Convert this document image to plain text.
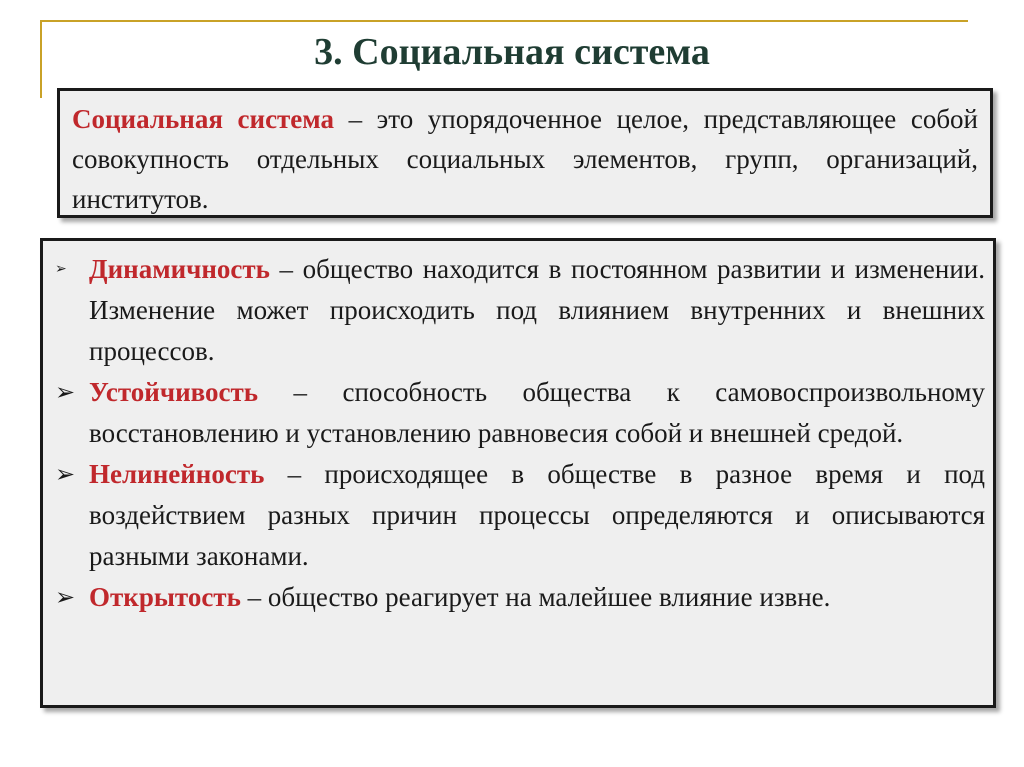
3. Социальная система
Социальная система – это упорядоченное целое, представляющее собой совокупность отдельных социальных элементов, групп, организаций, институтов.
➢ Динамичность – общество находится в постоянном развитии и изменении. Изменение может происходить под влиянием внутренних и внешних процессов.
➢ Устойчивость – способность общества к самовоспроизвольному восстановлению и установлению равновесия собой и внешней средой.
➢ Нелинейность – происходящее в обществе в разное время и под воздействием разных причин процессы определяются и описываются разными законами.
➢ Открытость – общество реагирует на малейшее влияние извне.
